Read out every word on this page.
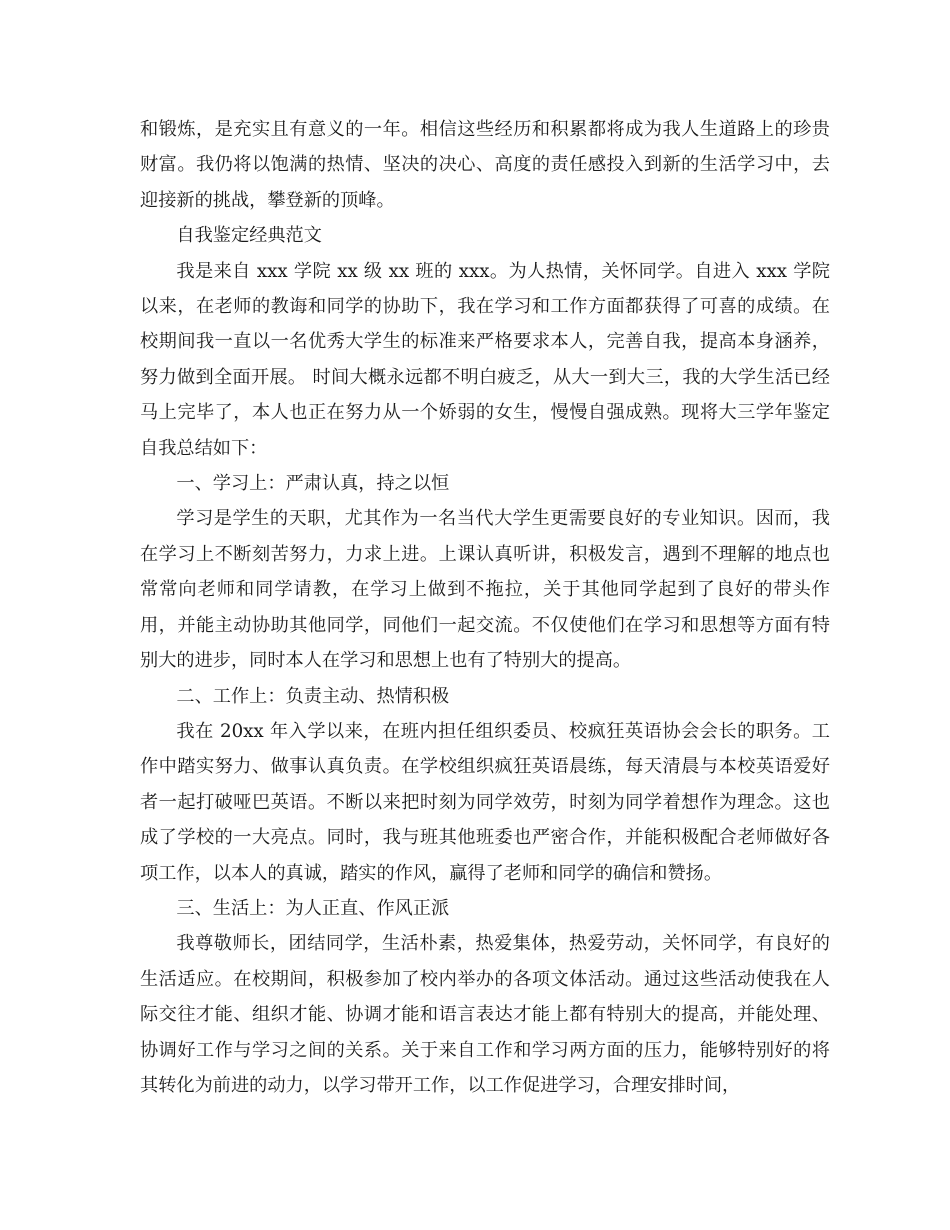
和锻炼，是充实且有意义的一年。相信这些经历和积累都将成为我人生道路上的珍贵财富。我仍将以饱满的热情、坚决的决心、高度的责任感投入到新的生活学习中，去迎接新的挑战，攀登新的顶峰。

自我鉴定经典范文

我是来自 xxx 学院 xx 级 xx 班的 xxx。为人热情，关怀同学。自进入 xxx 学院以来，在老师的教诲和同学的协助下，我在学习和工作方面都获得了可喜的成绩。在校期间我一直以一名优秀大学生的标准来严格要求本人，完善自我，提高本身涵养，努力做到全面开展。 时间大概永远都不明白疲乏，从大一到大三，我的大学生活已经马上完毕了，本人也正在努力从一个娇弱的女生，慢慢自强成熟。现将大三学年鉴定自我总结如下：

一、学习上：严肃认真，持之以恒

学习是学生的天职，尤其作为一名当代大学生更需要良好的专业知识。因而，我在学习上不断刻苦努力，力求上进。上课认真听讲，积极发言，遇到不理解的地点也常常向老师和同学请教，在学习上做到不拖拉，关于其他同学起到了良好的带头作用，并能主动协助其他同学，同他们一起交流。不仅使他们在学习和思想等方面有特别大的进步，同时本人在学习和思想上也有了特别大的提高。

二、工作上：负责主动、热情积极

我在 20xx 年入学以来，在班内担任组织委员、校疯狂英语协会会长的职务。工作中踏实努力、做事认真负责。在学校组织疯狂英语晨练，每天清晨与本校英语爱好者一起打破哑巴英语。不断以来把时刻为同学效劳，时刻为同学着想作为理念。这也成了学校的一大亮点。同时，我与班其他班委也严密合作，并能积极配合老师做好各项工作，以本人的真诚，踏实的作风，赢得了老师和同学的确信和赞扬。

三、生活上：为人正直、作风正派

我尊敬师长，团结同学，生活朴素，热爱集体，热爱劳动，关怀同学，有良好的生活适应。在校期间，积极参加了校内举办的各项文体活动。通过这些活动使我在人际交往才能、组织才能、协调才能和语言表达才能上都有特别大的提高，并能处理、协调好工作与学习之间的关系。关于来自工作和学习两方面的压力，能够特别好的将其转化为前进的动力，以学习带开工作，以工作促进学习，合理安排时间，
